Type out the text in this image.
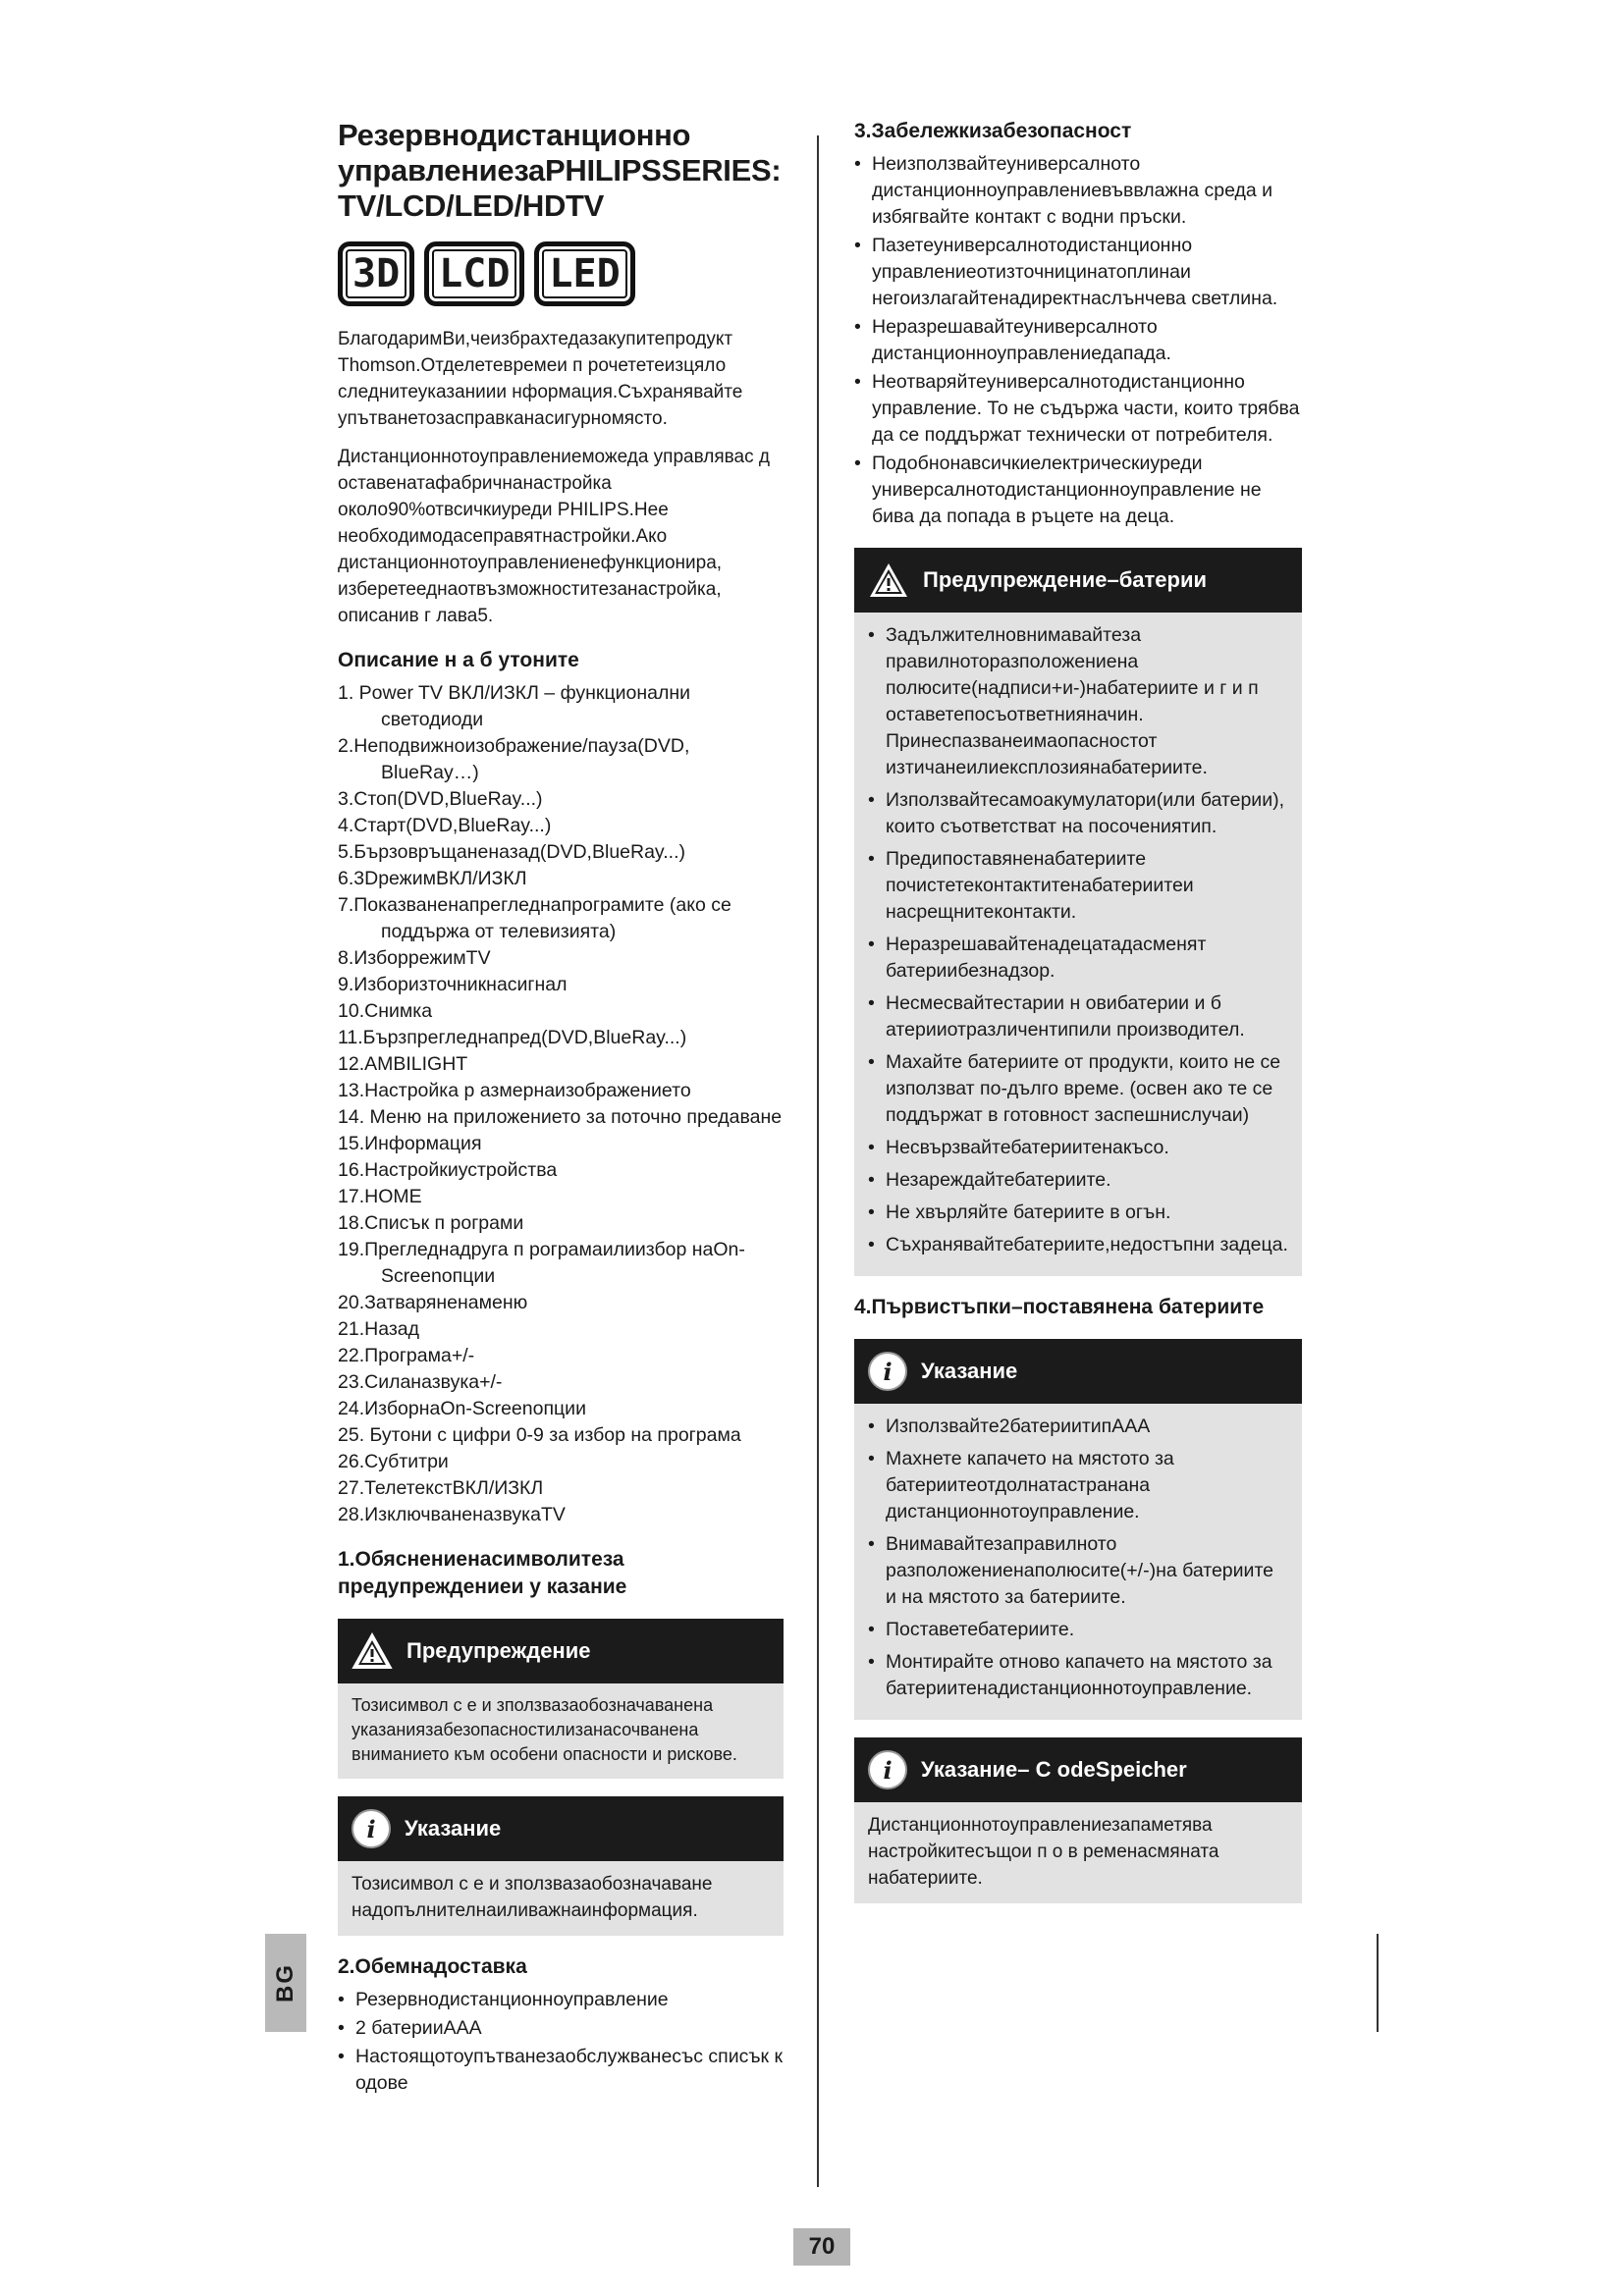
Резервнодистанционно
управлениезаPHILIPSSERIES:
TV/LCD/LED/HDTV
3D	LCD	LED

БлагодаримВи,чеизбрахтедазакупитепродукт Thomson.Отделетевремеи п рочететеизцяло следнитеуказаниии нформация.Съхранявайте упътванетозасправканасигурномясто.

Дистанционнотоуправлениеможеда управлявас д оставенатафабричнанастройка около90%отвсичкиуреди PHILIPS.Нее необходимодасеправятнастройки.Ако дистанционнотоуправлениенефункционира, изберетееднаотвъзможноститезанастройка, описанив г лава5.

Описание н а б утоните
1. Power TV ВКЛ/ИЗКЛ – функционални светодиоди
2.Неподвижноизображение/пауза(DVD, BlueRay…)
3.Стоп(DVD,BlueRay...)
4.Старт(DVD,BlueRay...)
5.Бързовръщаненазад(DVD,BlueRay...)
6.3DрежимВКЛ/ИЗКЛ
7.Показваненапрегледнапрограмите (ако се поддържа от телевизията)
8.ИзборрежимTV
9.Изборизточникнасигнал
10.Снимка
11.Бързпрегледнапред(DVD,BlueRay...)
12.AMBILIGHT
13.Настройка р азмернаизображението
14. Меню на приложението за поточно предаване
15.Информация
16.Настройкиустройства
17.HOME
18.Списък п рограми
19.Прегледнадруга п рограмаилиизбор наOn-Screenопции
20.Затваряненаменю
21.Назад
22.Програма+/-
23.Силаназвука+/-
24.ИзборнаOn-Screenопции
25. Бутони с цифри 0-9 за избор на програма
26.Субтитри
27.ТелетекстВКЛ/ИЗКЛ
28.ИзключваненазвукаTV
1.Обяснениенасимволитеза предупреждениеи у казание
Предупреждение
Тозисимвол с е и зползвазаобозначаванена указаниязабезопасностилизанасочванена вниманието към особени опасности и рискове.
i	Указание
Тозисимвол с е и зползвазаобозначаване надопълнителнаиливажнаинформация.
2.Обемнадоставка
• Резервнодистанционноуправление
• 2 батерииAAA
• Настоящотоупътванезаобслужванесъс списък к одове
3.Забележкизабезопасност
• Неизползвайтеуниверсалното дистанционноуправлениевъввлажна среда и избягвайте контакт с водни пръски.
• Пазетеуниверсалнотодистанционно управлениеотизточницинатоплинаи негоизлагайтенадиректнаслънчева светлина.
• Неразрешавайтеуниверсалното дистанционноуправлениедапада.
• Неотваряйтеуниверсалнотодистанционно управление. То не съдържа части, които трябва да се поддържат технически от потребителя.
• Подобнонавсичкиелектрическиуреди универсалнотодистанционноуправление не бива да попада в ръцете на деца.
Предупреждение–батерии
• Задължителновнимавайтеза правилноторазположениена полюсите(надписи+и-)набатериите и г и п оставетепосъответнияначин. Принеспазванеимаопасностот изтичанеилиексплозиянабатериите.
• Използвайтесамоакумулатори(или батерии), които съответстват на посочениятип.
• Предипоставяненабатериите почистетеконтактитенабатериитеи насрещнитеконтакти.
• Неразрешавайтенадецатадасменят батериибезнадзор.
• Несмесвайтестарии н овибатерии и б атерииотразличентипили производител.
• Махайте батериите от продукти, които не се използват по-дълго време. (освен ако те се поддържат в готовност заспешнислучаи)
• Несвързвайтебатериитенакъсо.
• Незареждайтебатериите.
• Не хвърляйте батериите в огън.
• Съхранявайтебатериите,недостъпни задеца.
4.Първистъпки–поставяненa батериите
i	Указание
• Използвайте2батериитипAAA
• Махнете капачето на мястото за батериитеотдолнатастранана дистанционнотоуправление.
• Внимавайтезаправилното разположениенаполюсите(+/-)на батериите и на мястото за батериите.
• Поставетебатериите.
• Монтирайте отново капачето на мястото за батериитенадистанционнотоуправление.
i	Указание– C odeSpeicher
Дистанционнотоуправлениезапаметява настройкитесъщои п о в ременасмяната набатериите.
BG
70
